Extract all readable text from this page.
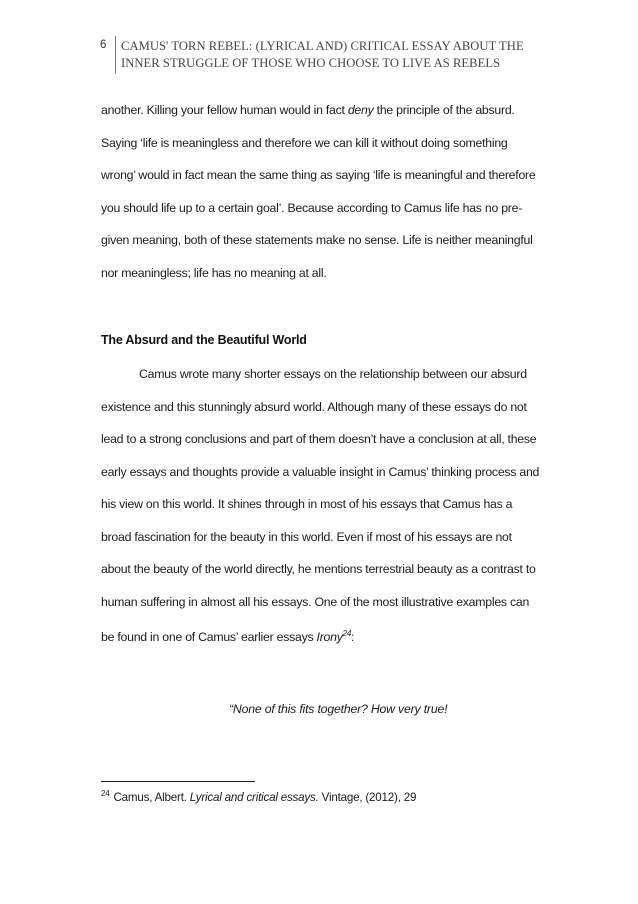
6 CAMUS' TORN REBEL: (LYRICAL AND) CRITICAL ESSAY ABOUT THE INNER STRUGGLE OF THOSE WHO CHOOSE TO LIVE AS REBELS
another. Killing your fellow human would in fact deny the principle of the absurd. Saying ‘life is meaningless and therefore we can kill it without doing something wrong’ would in fact mean the same thing as saying ‘life is meaningful and therefore you should life up to a certain goal’. Because according to Camus life has no pre-given meaning, both of these statements make no sense. Life is neither meaningful nor meaningless; life has no meaning at all.
The Absurd and the Beautiful World
Camus wrote many shorter essays on the relationship between our absurd existence and this stunningly absurd world. Although many of these essays do not lead to a strong conclusions and part of them doesn’t have a conclusion at all, these early essays and thoughts provide a valuable insight in Camus’ thinking process and his view on this world. It shines through in most of his essays that Camus has a broad fascination for the beauty in this world. Even if most of his essays are not about the beauty of the world directly, he mentions terrestrial beauty as a contrast to human suffering in almost all his essays. One of the most illustrative examples can be found in one of Camus’ earlier essays Irony$^{24}$:
“None of this fits together? How very true!
$^{24}$ Camus, Albert. Lyrical and critical essays. Vintage, (2012), 29
